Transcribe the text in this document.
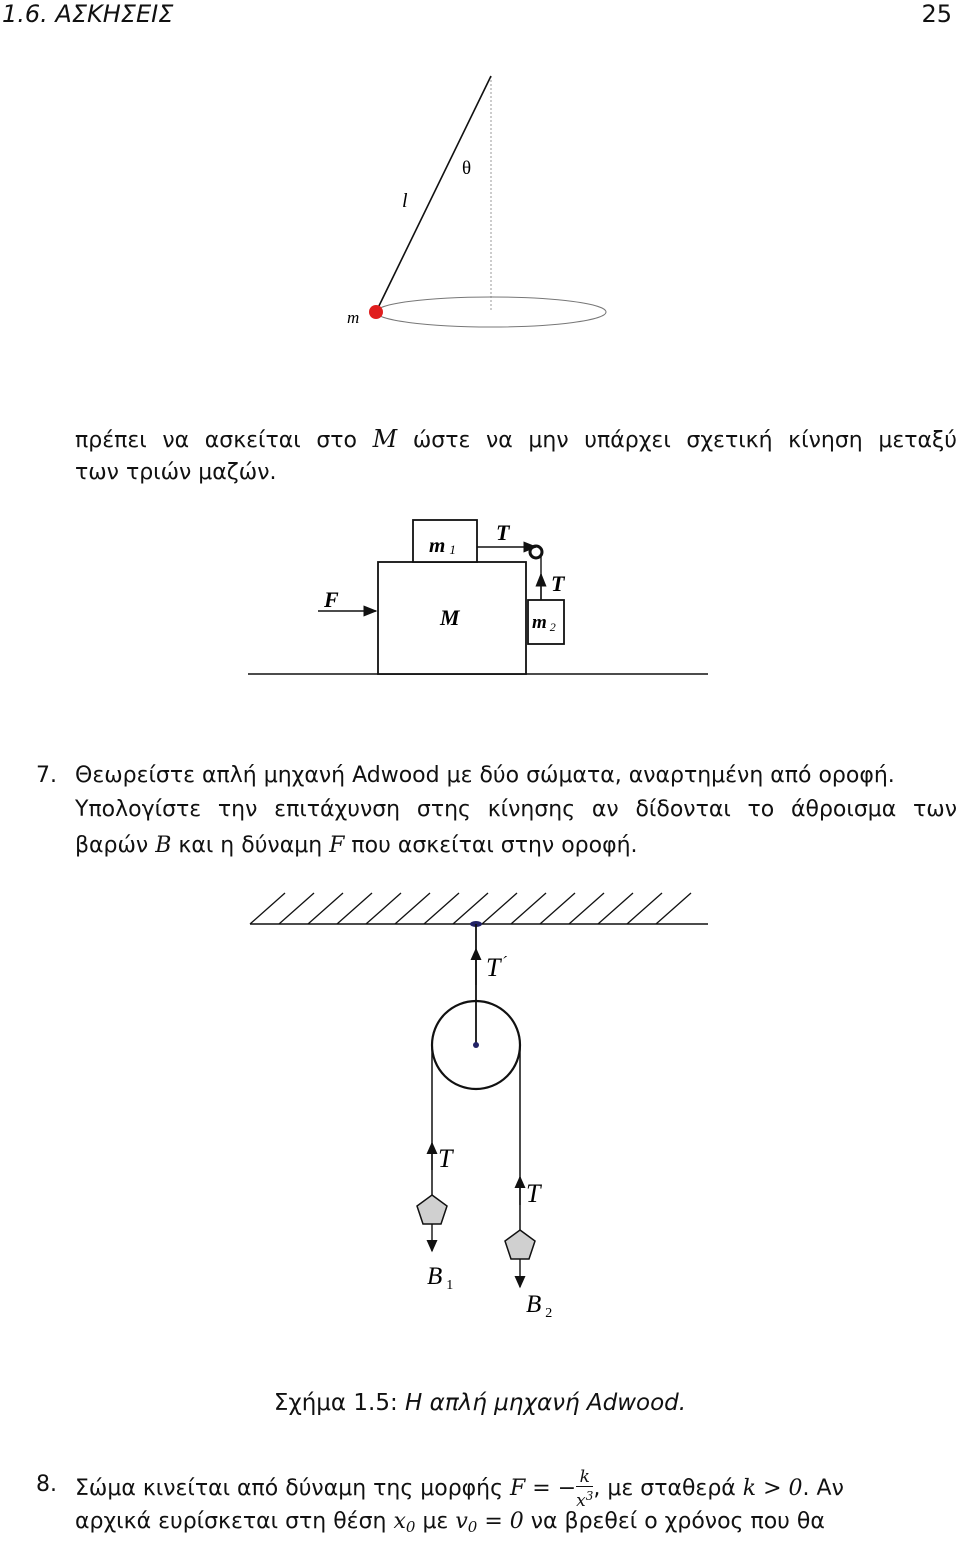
1.6. ΑΣΚΗΣΕΙΣ	25
l
θ
m
πρέπει να ασκείται στο M ώστε να μην υπάρχει σχετική κίνηση μεταξύ
των τριών μαζών.
F
M
m 1
m 2
T
T
7. Θεωρείστε απλή μηχανή Adwood με δύο σώματα, αναρτημένη από οροφή.
Υπολογίστε την επιτάχυνση στης κίνησης αν δίδονται το άθροισμα των
βαρών B και η δύναμη F που ασκείται στην οροφή.
T´
T
T
B $_1$
B $_2$
Σχήμα 1.5: Η απλή μηχανή Adwood.
8. Σώμα κινείται από δύναμη της μορφής F = − $\frac{k}{x^3}$ , με σταθερά k > 0. Αν
αρχικά ευρίσκεται στη θέση $x_0$ με $v_0 = 0$ να βρεθεί ο χρόνος που θα
